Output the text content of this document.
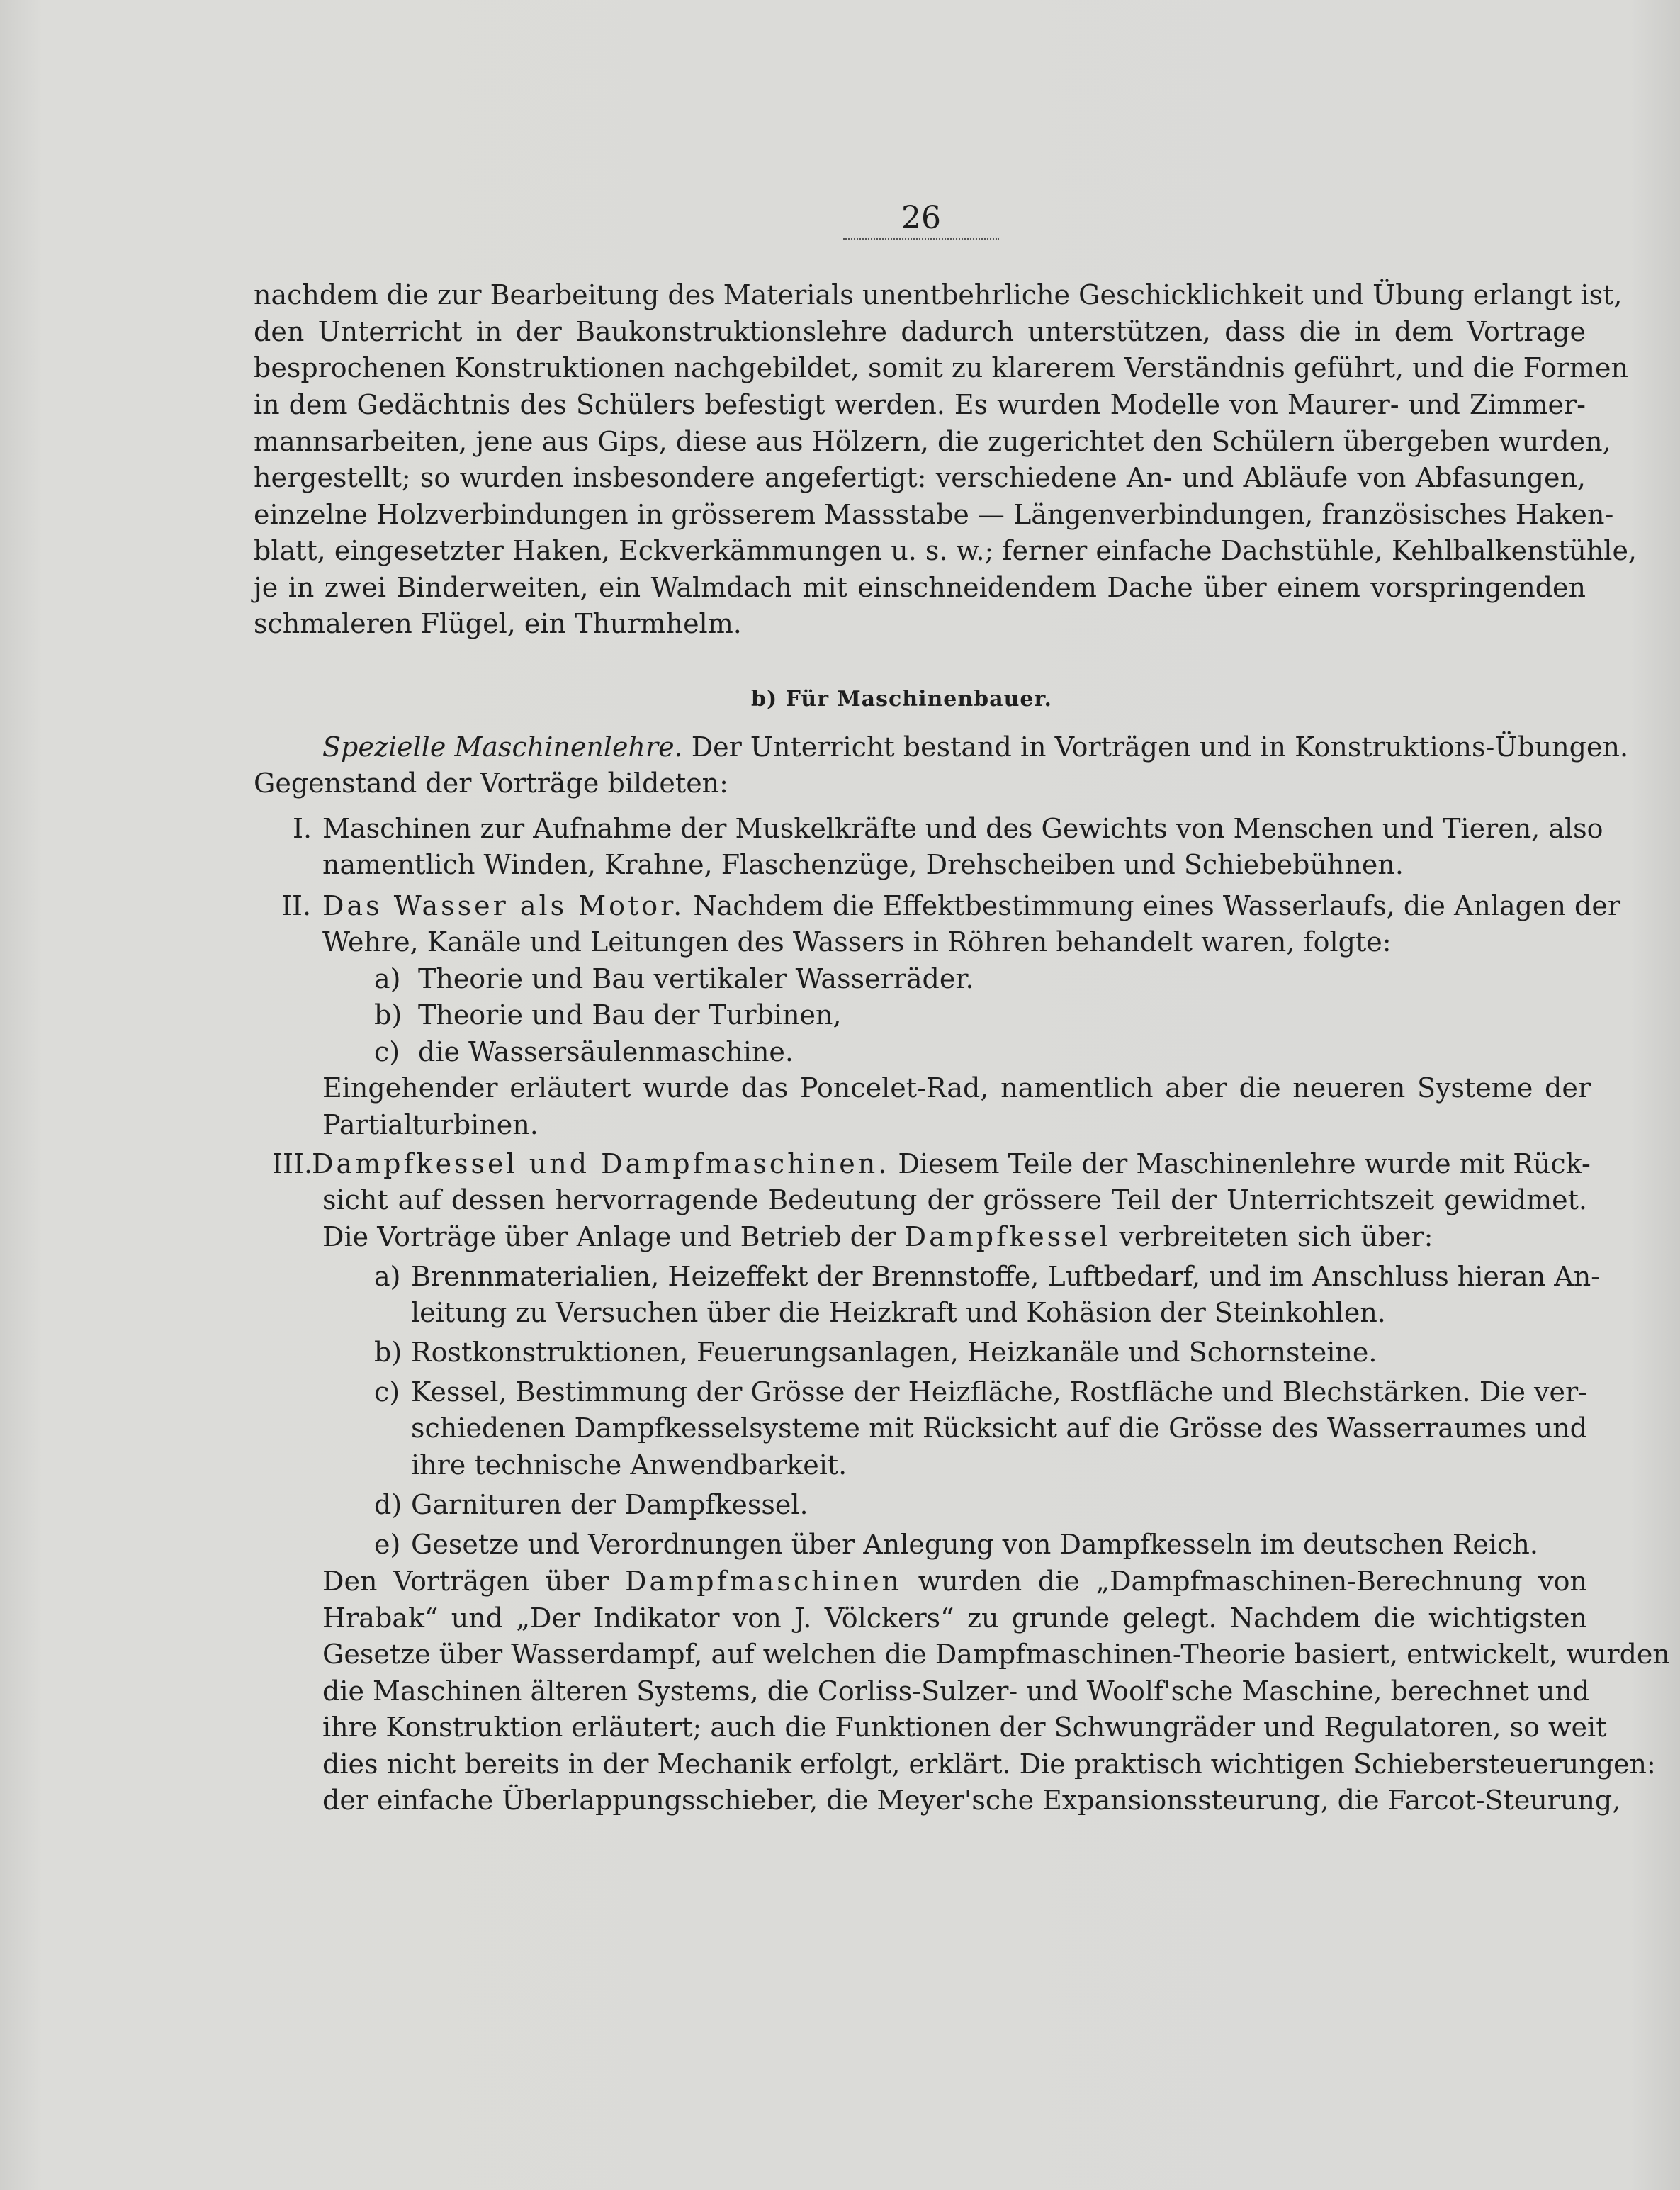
26
nachdem die zur Bearbeitung des Materials unentbehrliche Geschicklichkeit und Übung erlangt ist,
den Unterricht in der Baukonstruktionslehre dadurch unterstützen, dass die in dem Vortrage
besprochenen Konstruktionen nachgebildet, somit zu klarerem Verständnis geführt, und die Formen
in dem Gedächtnis des Schülers befestigt werden. Es wurden Modelle von Maurer- und Zimmer-
mannsarbeiten, jene aus Gips, diese aus Hölzern, die zugerichtet den Schülern übergeben wurden,
hergestellt; so wurden insbesondere angefertigt: verschiedene An- und Abläufe von Abfasungen,
einzelne Holzverbindungen in grösserem Massstabe — Längenverbindungen, französisches Haken-
blatt, eingesetzter Haken, Eckverkämmungen u. s. w.; ferner einfache Dachstühle, Kehlbalkenstühle,
je in zwei Binderweiten, ein Walmdach mit einschneidendem Dache über einem vorspringenden
schmaleren Flügel, ein Thurmhelm.
b) Für Maschinenbauer.
Spezielle Maschinenlehre. Der Unterricht bestand in Vorträgen und in Konstruktions-Übungen.
Gegenstand der Vorträge bildeten:
I. Maschinen zur Aufnahme der Muskelkräfte und des Gewichts von Menschen und Tieren, also
namentlich Winden, Krahne, Flaschenzüge, Drehscheiben und Schiebebühnen.
II. Das Wasser als Motor. Nachdem die Effektbestimmung eines Wasserlaufs, die Anlagen der
Wehre, Kanäle und Leitungen des Wassers in Röhren behandelt waren, folgte:
a) Theorie und Bau vertikaler Wasserräder.
b) Theorie und Bau der Turbinen,
c) die Wassersäulenmaschine.
Eingehender erläutert wurde das Poncelet-Rad, namentlich aber die neueren Systeme der
Partialturbinen.
III.
Dampfkessel und Dampfmaschinen. Diesem Teile der Maschinenlehre wurde mit Rück-
sicht auf dessen hervorragende Bedeutung der grössere Teil der Unterrichtszeit gewidmet.
Die Vorträge über Anlage und Betrieb der Dampfkessel verbreiteten sich über:
a) Brennmaterialien, Heizeffekt der Brennstoffe, Luftbedarf, und im Anschluss hieran An-
leitung zu Versuchen über die Heizkraft und Kohäsion der Steinkohlen.
b) Rostkonstruktionen, Feuerungsanlagen, Heizkanäle und Schornsteine.
c) Kessel, Bestimmung der Grösse der Heizfläche, Rostfläche und Blechstärken. Die ver-
schiedenen Dampfkesselsysteme mit Rücksicht auf die Grösse des Wasserraumes und
ihre technische Anwendbarkeit.
d) Garnituren der Dampfkessel.
e) Gesetze und Verordnungen über Anlegung von Dampfkesseln im deutschen Reich.
Den Vorträgen über Dampfmaschinen wurden die „Dampfmaschinen-Berechnung von
Hrabak“ und „Der Indikator von J. Völckers“ zu grunde gelegt. Nachdem die wichtigsten
Gesetze über Wasserdampf, auf welchen die Dampfmaschinen-Theorie basiert, entwickelt, wurden
die Maschinen älteren Systems, die Corliss-Sulzer- und Woolf'sche Maschine, berechnet und
ihre Konstruktion erläutert; auch die Funktionen der Schwungräder und Regulatoren, so weit
dies nicht bereits in der Mechanik erfolgt, erklärt. Die praktisch wichtigen Schiebersteuerungen:
der einfache Überlappungsschieber, die Meyer'sche Expansionssteurung, die Farcot-Steurung,
